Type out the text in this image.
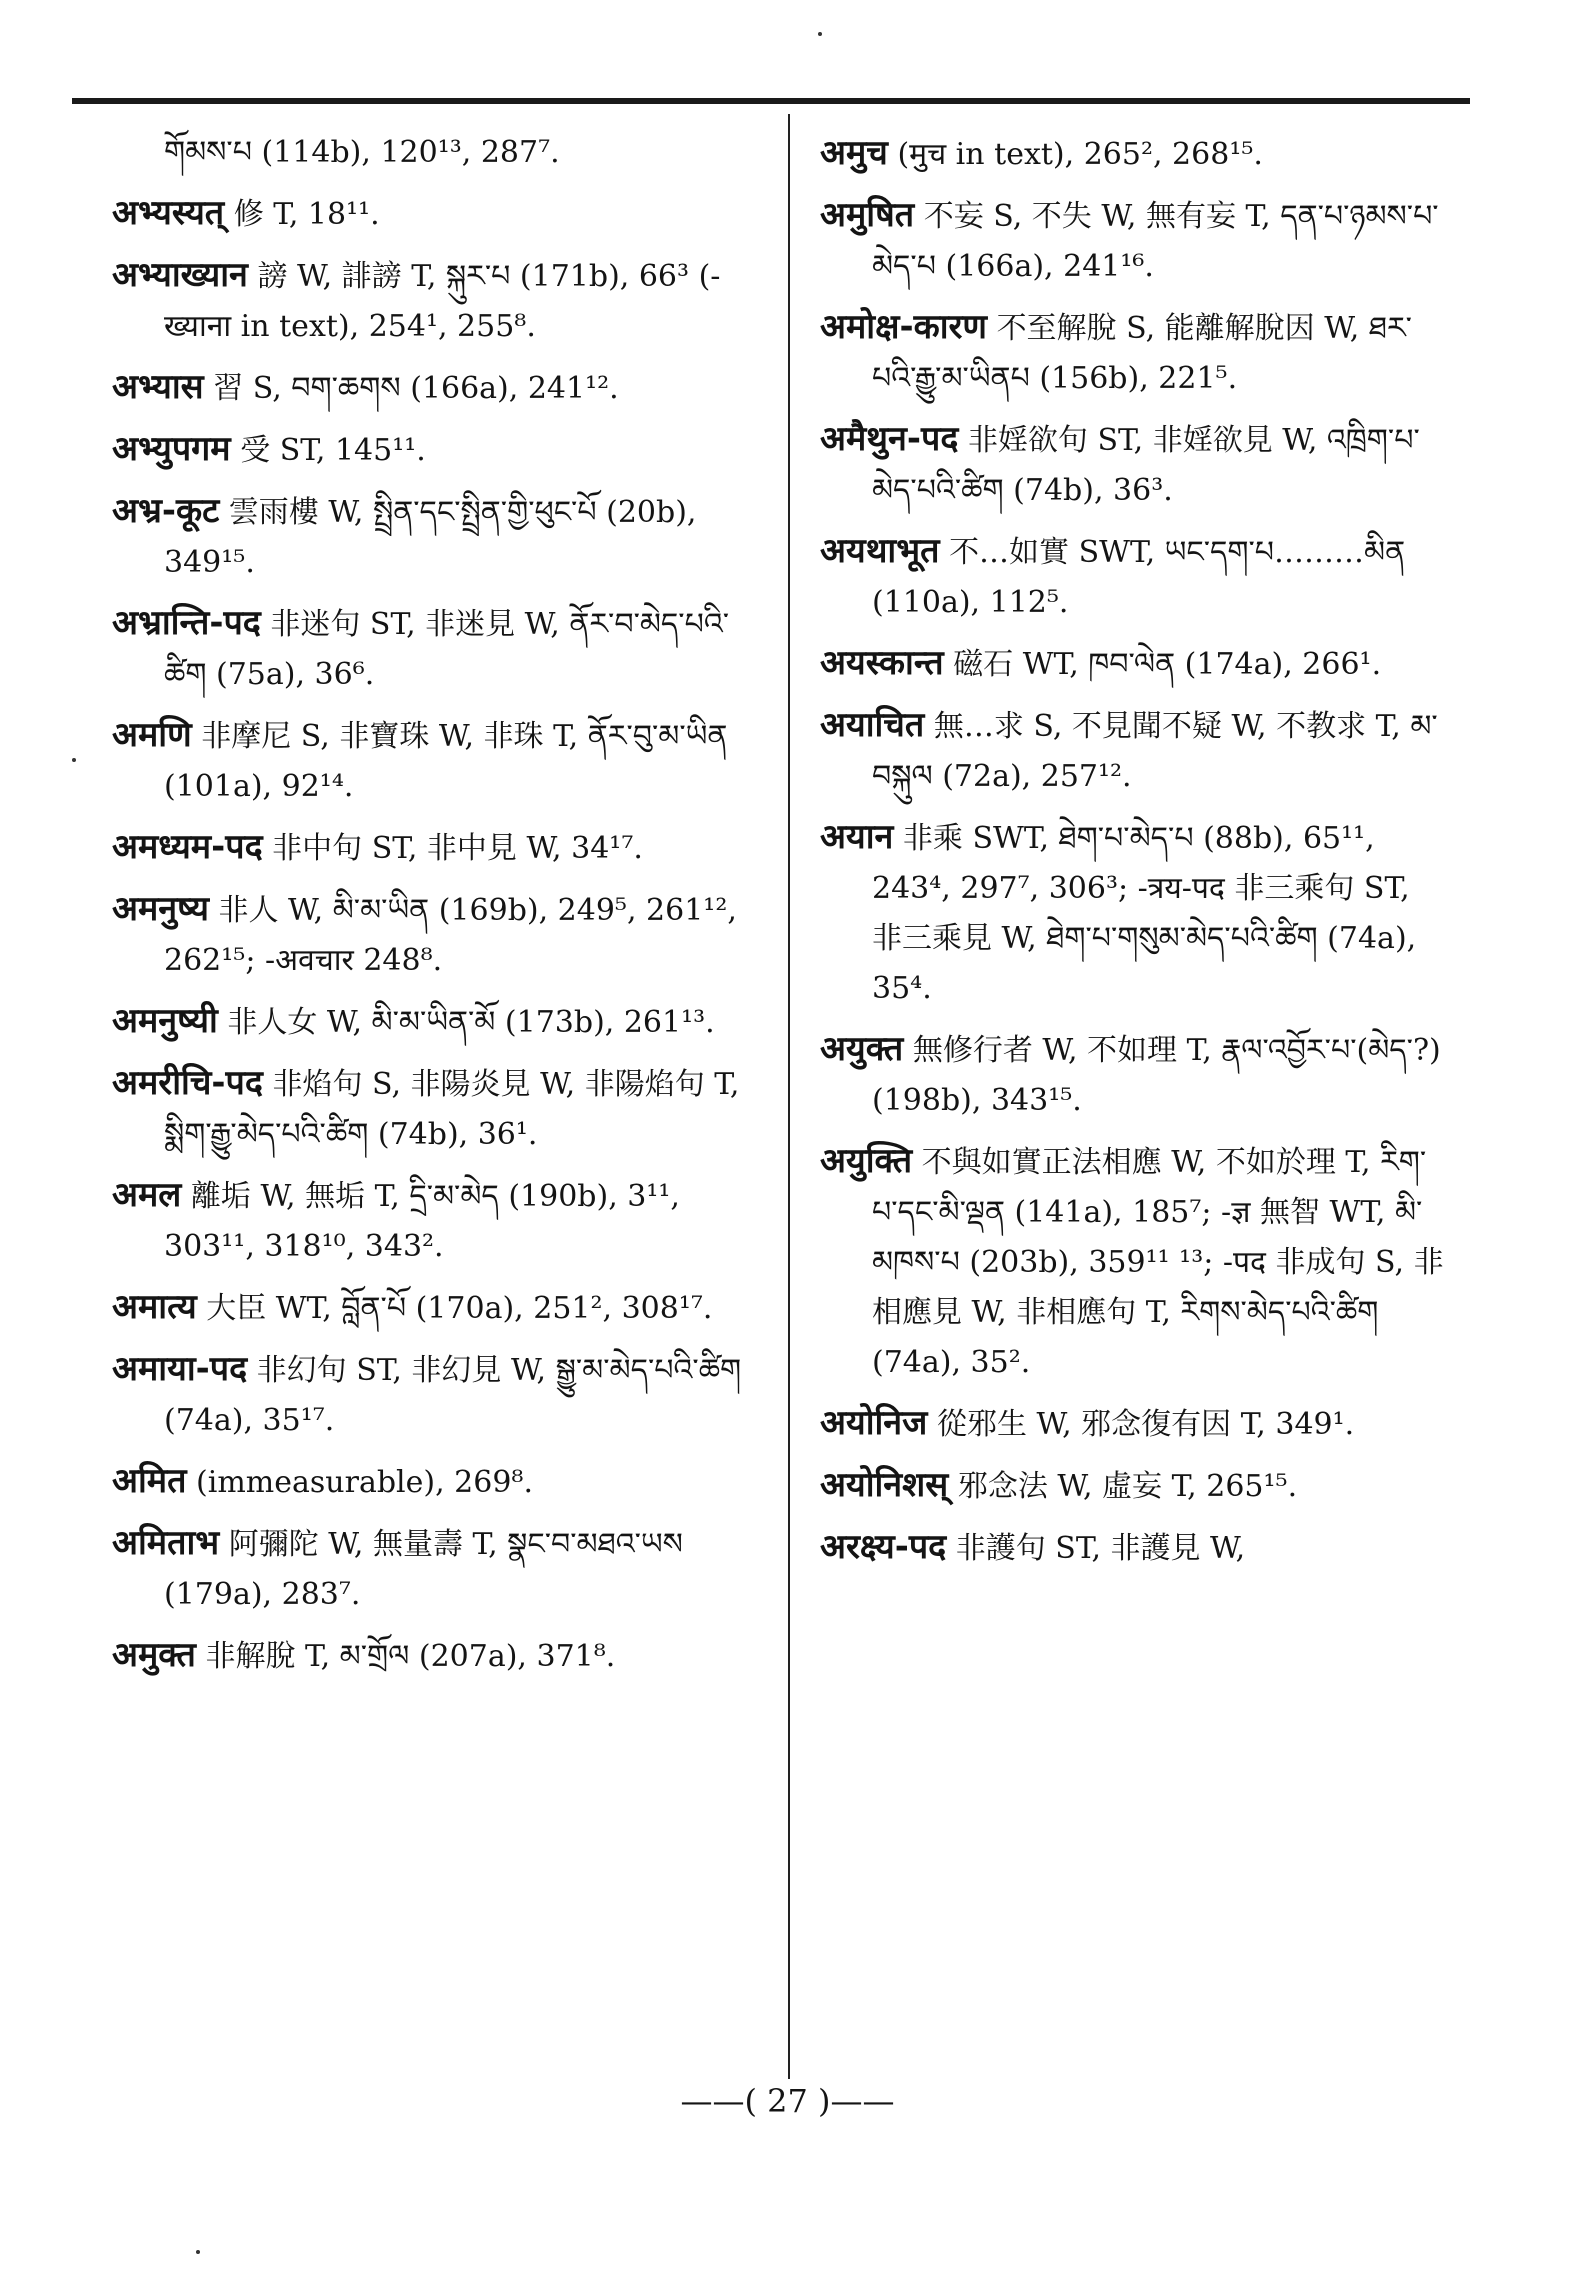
གོམས་པ (114b), 120¹³, 287⁷.
अभ्यस्यत् 修 T, 18¹¹.
अभ्याख्यान 謗 W, 誹謗 T, སྐུར་པ (171b), 66³ (-ख्याना in text), 254¹, 255⁸.
अभ्यास 習 S, བག་ཆགས (166a), 241¹².
अभ्युपगम 受 ST, 145¹¹.
अभ्र-कूट 雲雨樓 W, སྤྲིན་དང་སྤྲིན་གྱི་ཕུང་པོ (20b), 349¹⁵.
अभ्रान्ति-पद 非迷句 ST, 非迷見 W, ནོར་བ་མེད་པའི་ཚིག (75a), 36⁶.
अमणि 非摩尼 S, 非寶珠 W, 非珠 T, ནོར་བུ་མ་ཡིན (101a), 92¹⁴.
अमध्यम-पद 非中句 ST, 非中見 W, 34¹⁷.
अमनुष्य 非人 W, མི་མ་ཡིན (169b), 249⁵, 261¹², 262¹⁵; -अवचार 248⁸.
अमनुष्यी 非人女 W, མི་མ་ཡིན་མོ (173b), 261¹³.
अमरीचि-पद 非焰句 S, 非陽炎見 W, 非陽焰句 T, སྨིག་རྒྱུ་མེད་པའི་ཚིག (74b), 36¹.
अमल 離垢 W, 無垢 T, དྲི་མ་མེད (190b), 3¹¹, 303¹¹, 318¹⁰, 343².
अमात्य 大臣 WT, བློན་པོ (170a), 251², 308¹⁷.
अमाया-पद 非幻句 ST, 非幻見 W, སྒྱུ་མ་མེད་པའི་ཚིག (74a), 35¹⁷.
अमित (immeasurable), 269⁸.
अमिताभ 阿彌陀 W, 無量壽 T, སྣང་བ་མཐའ་ཡས (179a), 283⁷.
अमुक्त 非解脫 T, མ་གྲོལ (207a), 371⁸.
अमुच (मुच in text), 265², 268¹⁵.
अमुषित 不妄 S, 不失 W, 無有妄 T, དན་པ་ཉམས་པ་མེད་པ (166a), 241¹⁶.
अमोक्ष-कारण 不至解脫 S, 能離解脫因 W, ཐར་པའི་རྒྱུ་མ་ཡིནཔ (156b), 221⁵.
अमैथुन-पद 非婬欲句 ST, 非婬欲見 W, འཁྲིག་པ་མེད་པའི་ཚིག (74b), 36³.
अयथाभूत 不…如實 SWT, ཡང་དག་པ………མིན (110a), 112⁵.
अयस्कान्त 磁石 WT, ཁབ་ལེན (174a), 266¹.
अयाचित 無…求 S, 不見聞不疑 W, 不教求 T, མ་བསྐུལ (72a), 257¹².
अयान 非乘 SWT, ཐེག་པ་མེད་པ (88b), 65¹¹, 243⁴, 297⁷, 306³; -त्रय-पद 非三乘句 ST, 非三乘見 W, ཐེག་པ་གསུམ་མེད་པའི་ཚིག (74a), 35⁴.
अयुक्त 無修行者 W, 不如理 T, རྣལ་འབྱོར་པ་(མེད་?) (198b), 343¹⁵.
अयुक्ति 不與如實正法相應 W, 不如於理 T, རིག་པ་དང་མི་ལྡན (141a), 185⁷; -ज्ञ 無智 WT, མི་མཁས་པ (203b), 359¹¹ ¹³; -पद 非成句 S, 非相應見 W, 非相應句 T, རིགས་མེད་པའི་ཚིག (74a), 35².
अयोनिज 從邪生 W, 邪念復有因 T, 349¹.
अयोनिशस् 邪念法 W, 虛妄 T, 265¹⁵.
अरक्ष्य-पद 非護句 ST, 非護見 W,
——( 27 )——
